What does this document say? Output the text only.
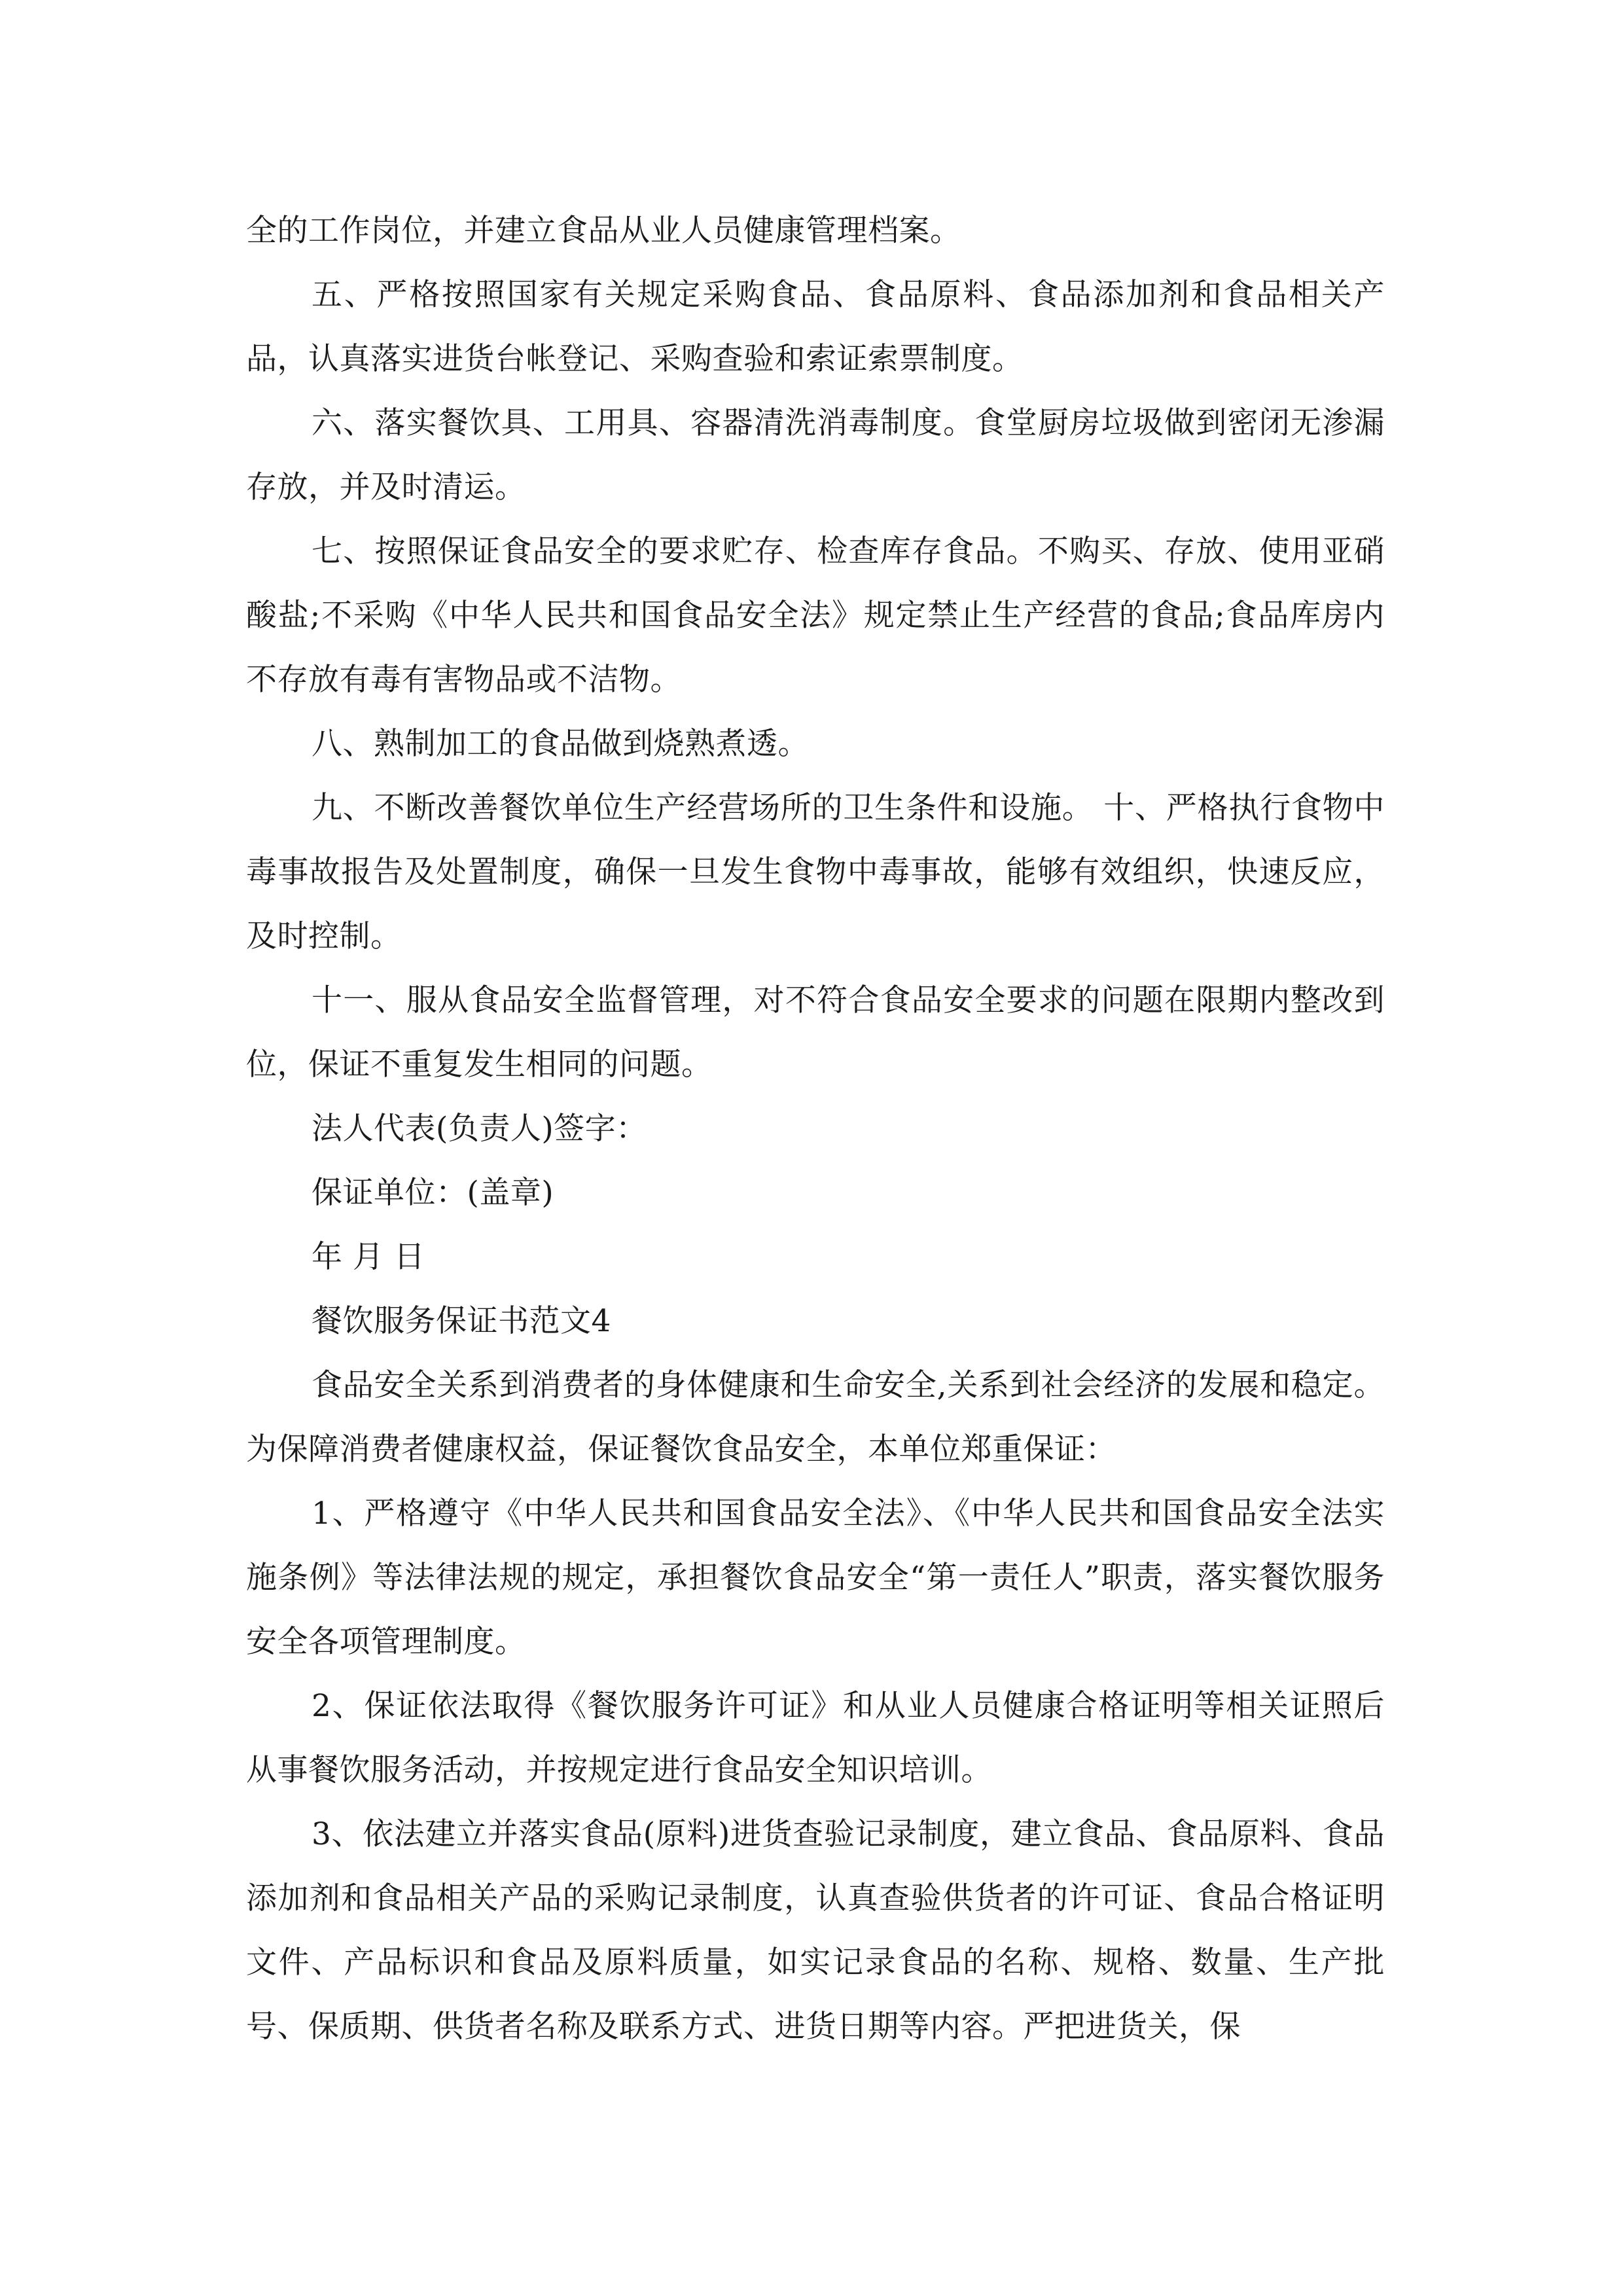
全的工作岗位，并建立食品从业人员健康管理档案。

五、严格按照国家有关规定采购食品、食品原料、食品添加剂和食品相关产品，认真落实进货台帐登记、采购查验和索证索票制度。

六、落实餐饮具、工用具、容器清洗消毒制度。食堂厨房垃圾做到密闭无渗漏存放，并及时清运。

七、按照保证食品安全的要求贮存、检查库存食品。不购买、存放、使用亚硝酸盐;不采购《中华人民共和国食品安全法》规定禁止生产经营的食品;食品库房内不存放有毒有害物品或不洁物。

八、熟制加工的食品做到烧熟煮透。

九、不断改善餐饮单位生产经营场所的卫生条件和设施。 十、严格执行食物中毒事故报告及处置制度，确保一旦发生食物中毒事故，能够有效组织，快速反应，及时控制。

十一、服从食品安全监督管理，对不符合食品安全要求的问题在限期内整改到位，保证不重复发生相同的问题。

法人代表(负责人)签字：

保证单位：(盖章)

年 月 日

餐饮服务保证书范文4

食品安全关系到消费者的身体健康和生命安全,关系到社会经济的发展和稳定。为保障消费者健康权益，保证餐饮食品安全，本单位郑重保证：

1、严格遵守《中华人民共和国食品安全法》、《中华人民共和国食品安全法实施条例》等法律法规的规定，承担餐饮食品安全“第一责任人”职责，落实餐饮服务安全各项管理制度。

2、保证依法取得《餐饮服务许可证》和从业人员健康合格证明等相关证照后从事餐饮服务活动，并按规定进行食品安全知识培训。

3、依法建立并落实食品(原料)进货查验记录制度，建立食品、食品原料、食品添加剂和食品相关产品的采购记录制度，认真查验供货者的许可证、食品合格证明文件、产品标识和食品及原料质量，如实记录食品的名称、规格、数量、生产批号、保质期、供货者名称及联系方式、进货日期等内容。严把进货关，保
